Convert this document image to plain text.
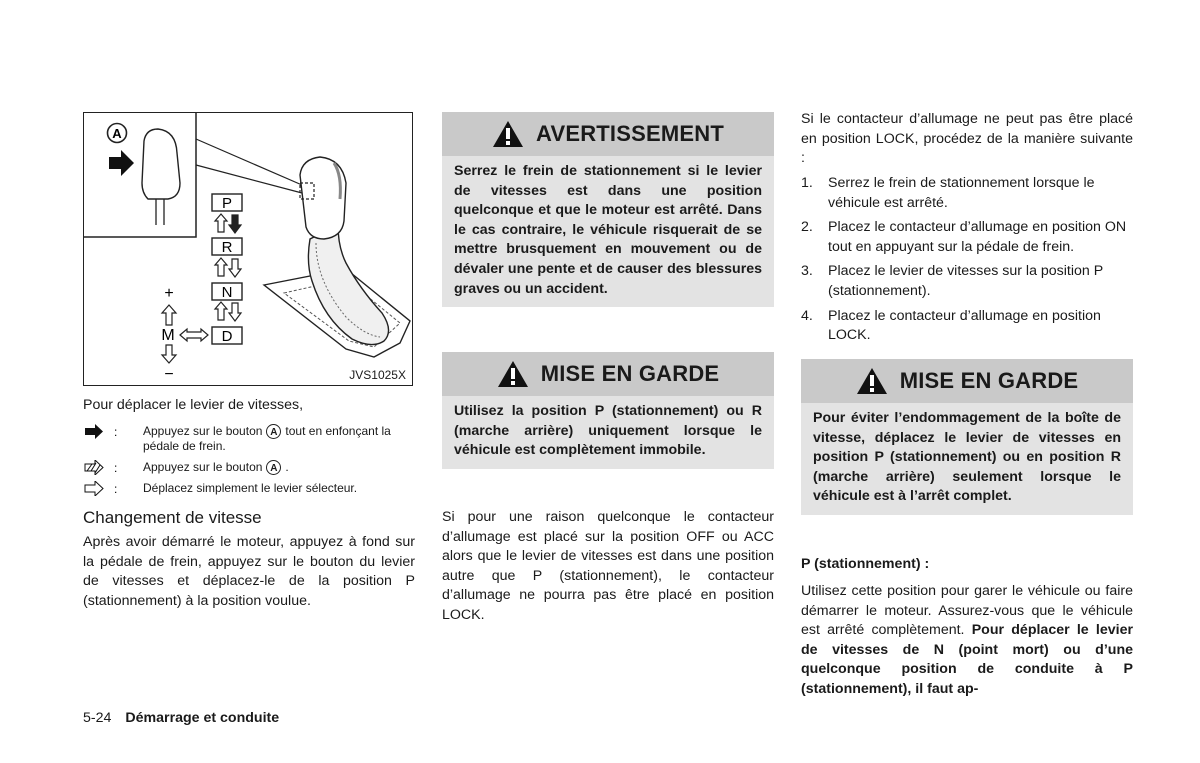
A
P
R
N
D
+
M
−	JVS1025X

Pour déplacer le levier de vitesses,

: Appuyez sur le bouton A tout en enfonçant la pédale de frein.
: Appuyez sur le bouton A .
: Déplacez simplement le levier sélecteur.
Changement de vitesse

Après avoir démarré le moteur, appuyez à fond sur la pédale de frein, appuyez sur le bouton du levier de vitesses et déplacez-le de la position P (stationnement) à la position voulue.

AVERTISSEMENT
Serrez le frein de stationnement si le levier de vitesses est dans une position quelconque et que le moteur est arrêté. Dans le cas contraire, le véhicule risquerait de se mettre brusquement en mouvement ou de dévaler une pente et de causer des blessures graves ou un accident.
MISE EN GARDE
Utilisez la position P (stationnement) ou R (marche arrière) uniquement lorsque le véhicule est complètement immobile.

Si pour une raison quelconque le contacteur d’allumage est placé sur la position OFF ou ACC alors que le levier de vitesses est dans une position autre que P (stationnement), le contacteur d’allumage ne pourra pas être placé en position LOCK.

Si le contacteur d’allumage ne peut pas être placé en position LOCK, procédez de la manière suivante :

1. Serrez le frein de stationnement lorsque le véhicule est arrêté.
2. Placez le contacteur d’allumage en position ON tout en appuyant sur la pédale de frein.
3. Placez le levier de vitesses sur la position P (stationnement).
4. Placez le contacteur d’allumage en position LOCK.
MISE EN GARDE
Pour éviter l’endommagement de la boîte de vitesse, déplacez le levier de vitesses en position P (stationnement) ou en position R (marche arrière) seulement lorsque le véhicule est à l’arrêt complet.
P (stationnement) :

Utilisez cette position pour garer le véhicule ou faire démarrer le moteur. Assurez-vous que le véhicule est arrêté complètement. Pour déplacer le levier de vitesses de N (point mort) ou d’une quelconque position de conduite à P (stationnement), il faut ap-

5-24 Démarrage et conduite
